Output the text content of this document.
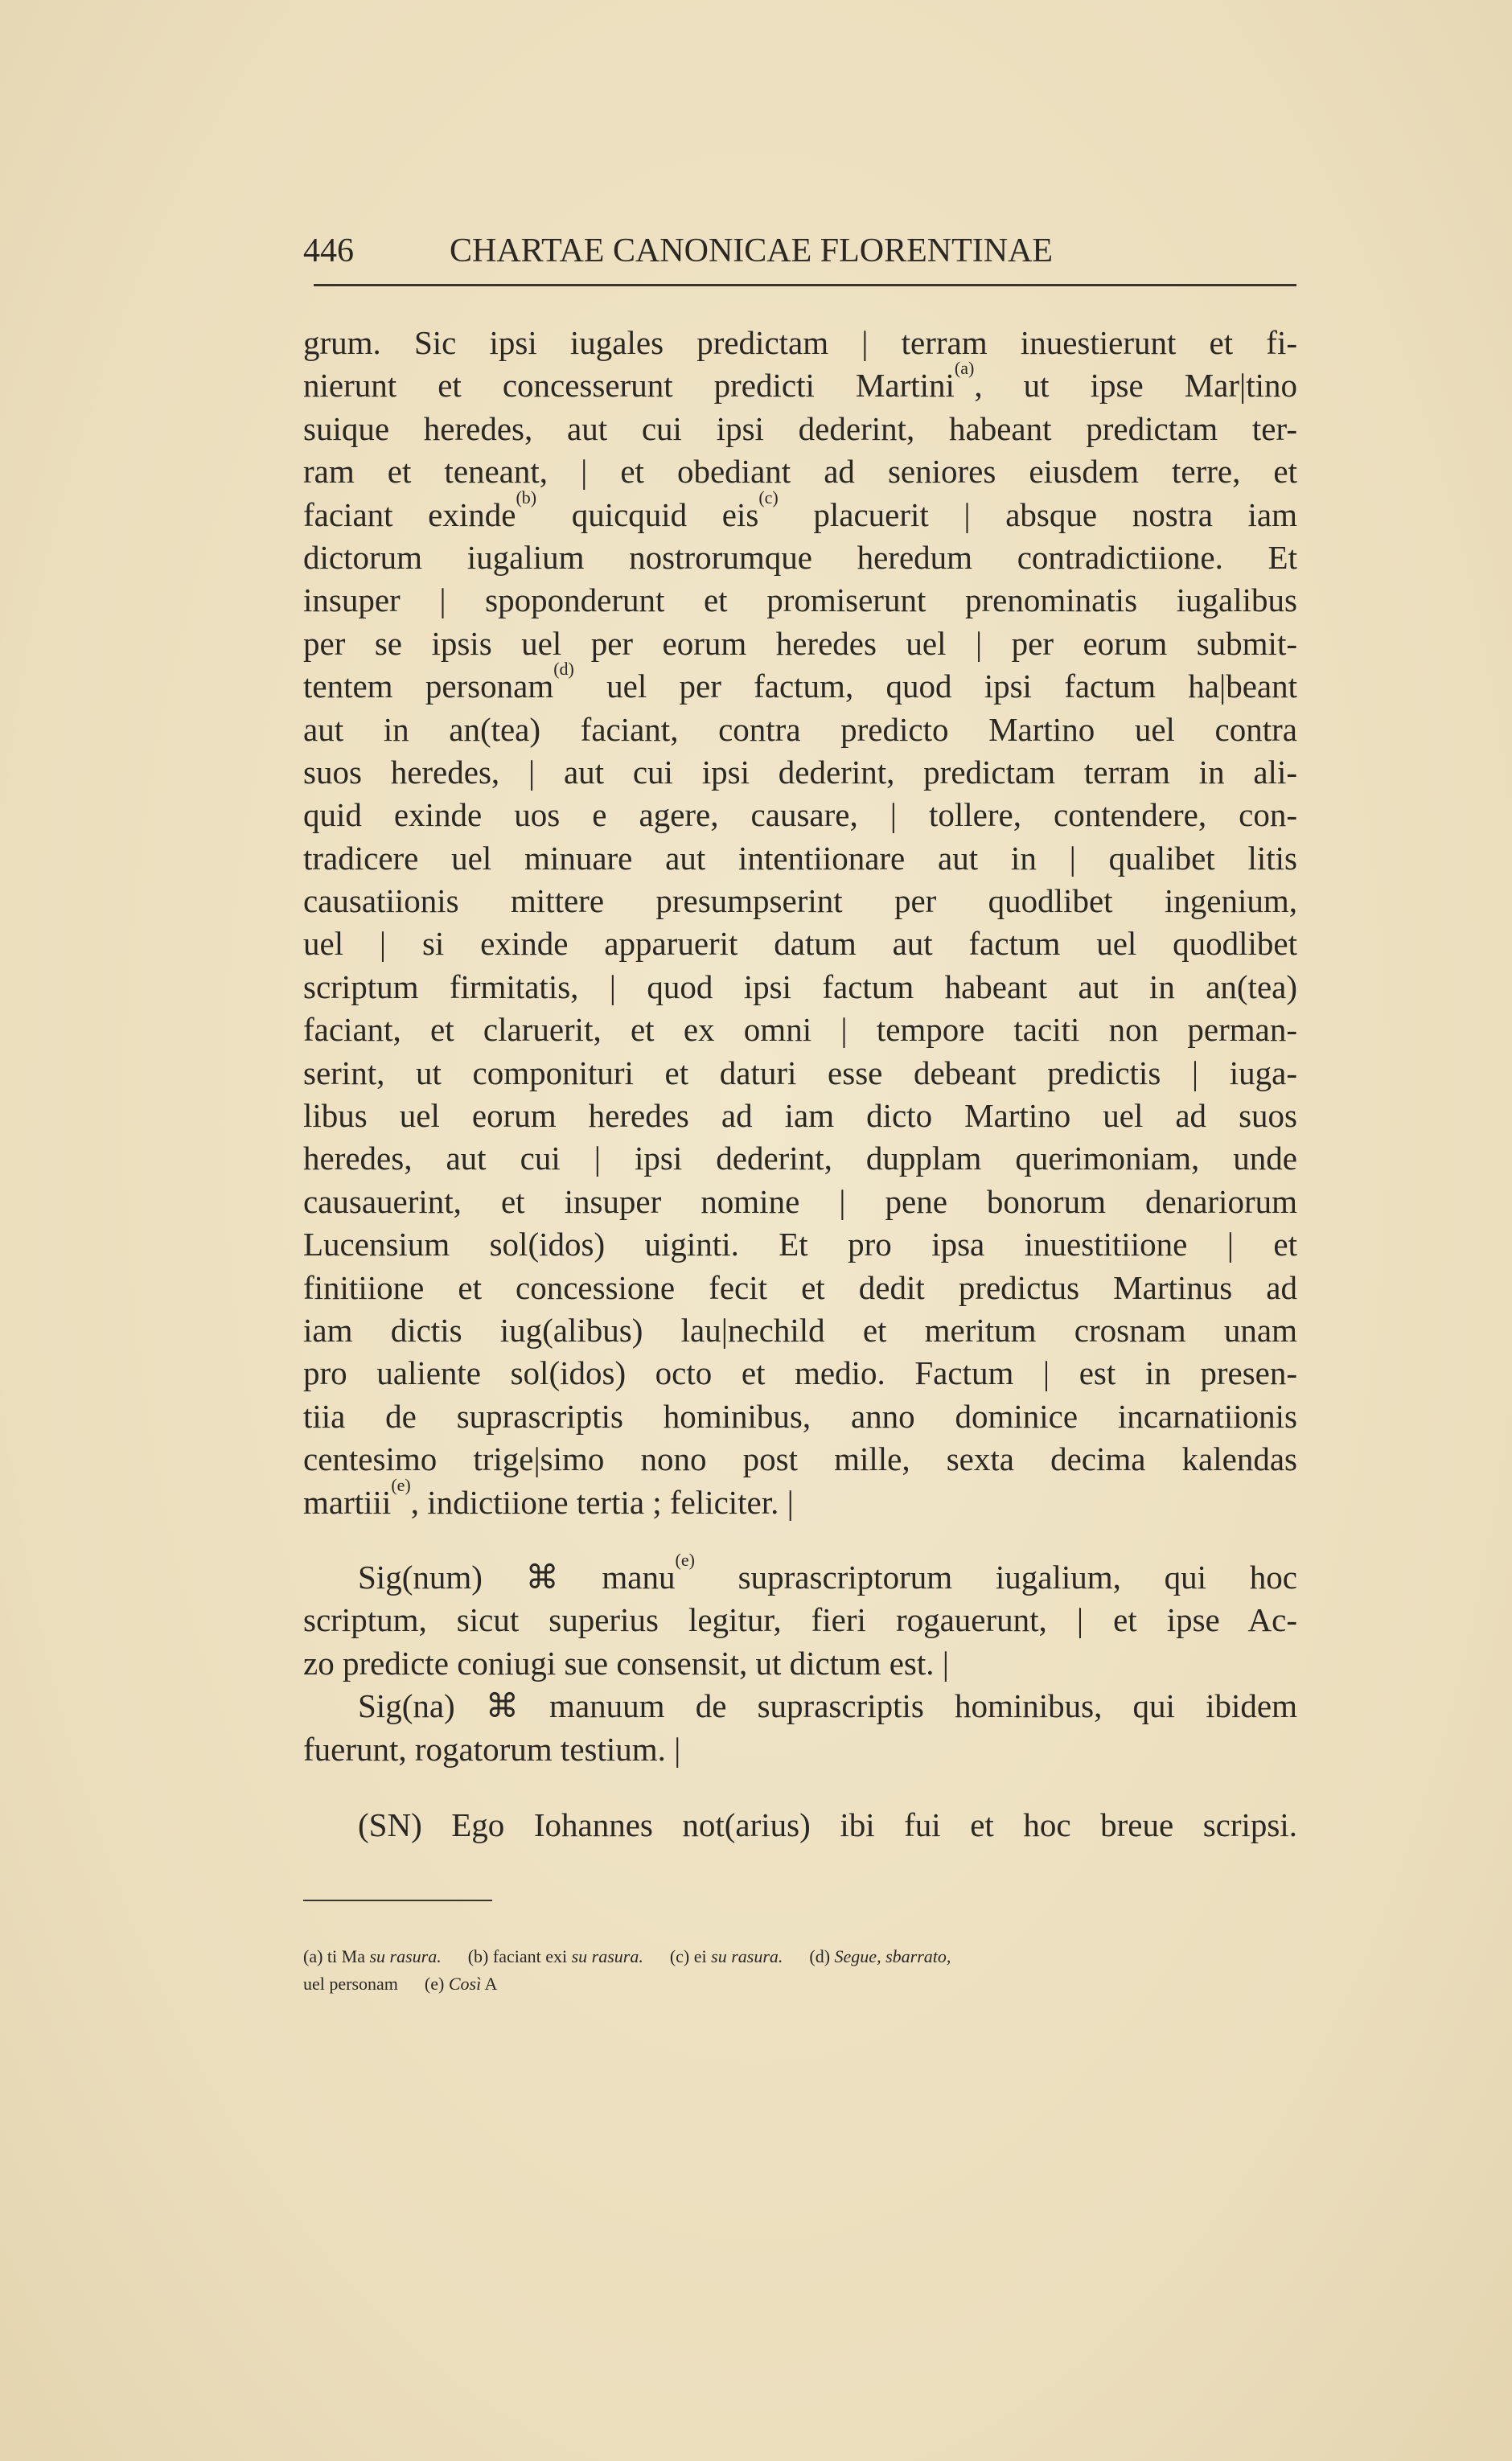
446	CHARTAE CANONICAE FLORENTINAE
grum. Sic ipsi iugales predictam | terram inuestierunt et fi-
nierunt et concesserunt predicti Martini$^{(a)}$, ut ipse Mar|tino
suique heredes, aut cui ipsi dederint, habeant predictam ter-
ram et teneant, | et obediant ad seniores eiusdem terre, et
faciant exinde$^{(b)}$ quicquid eis$^{(c)}$ placuerit | absque nostra iam
dictorum iugalium nostrorumque heredum contradictiione. Et
insuper | spoponderunt et promiserunt prenominatis iugalibus
per se ipsis uel per eorum heredes uel | per eorum submit-
tentem personam$^{(d)}$ uel per factum, quod ipsi factum ha|beant
aut in an(tea) faciant, contra predicto Martino uel contra
suos heredes, | aut cui ipsi dederint, predictam terram in ali-
quid exinde uos e agere, causare, | tollere, contendere, con-
tradicere uel minuare aut intentiionare aut in | qualibet litis
causatiionis mittere presumpserint per quodlibet ingenium,
uel | si exinde apparuerit datum aut factum uel quodlibet
scriptum firmitatis, | quod ipsi factum habeant aut in an(tea)
faciant, et claruerit, et ex omni | tempore taciti non perman-
serint, ut componituri et daturi esse debeant predictis | iuga-
libus uel eorum heredes ad iam dicto Martino uel ad suos
heredes, aut cui | ipsi dederint, dupplam querimoniam, unde
causauerint, et insuper nomine | pene bonorum denariorum
Lucensium sol(idos) uiginti. Et pro ipsa inuestitiione | et
finitiione et concessione fecit et dedit predictus Martinus ad
iam dictis iug(alibus) lau|nechild et meritum crosnam unam
pro ualiente sol(idos) octo et medio. Factum | est in presen-
tiia de suprascriptis hominibus, anno dominice incarnatiionis
centesimo trige|simo nono post mille, sexta decima kalendas
martiii$^{(e)}$, indictiione tertia ; feliciter. |
Sig(num) ⌘ manu$^{(e)}$ suprascriptorum iugalium, qui hoc
scriptum, sicut superius legitur, fieri rogauerunt, | et ipse Ac-
zo predicte coniugi sue consensit, ut dictum est. |
Sig(na) ⌘ manuum de suprascriptis hominibus, qui ibidem
fuerunt, rogatorum testium. |
(SN) Ego Iohannes not(arius) ibi fui et hoc breue scripsi.
(a) ti Ma su rasura.      (b) faciant exi su rasura.      (c) ei su rasura.      (d) Segue, sbarrato,
uel personam      (e) Così A
